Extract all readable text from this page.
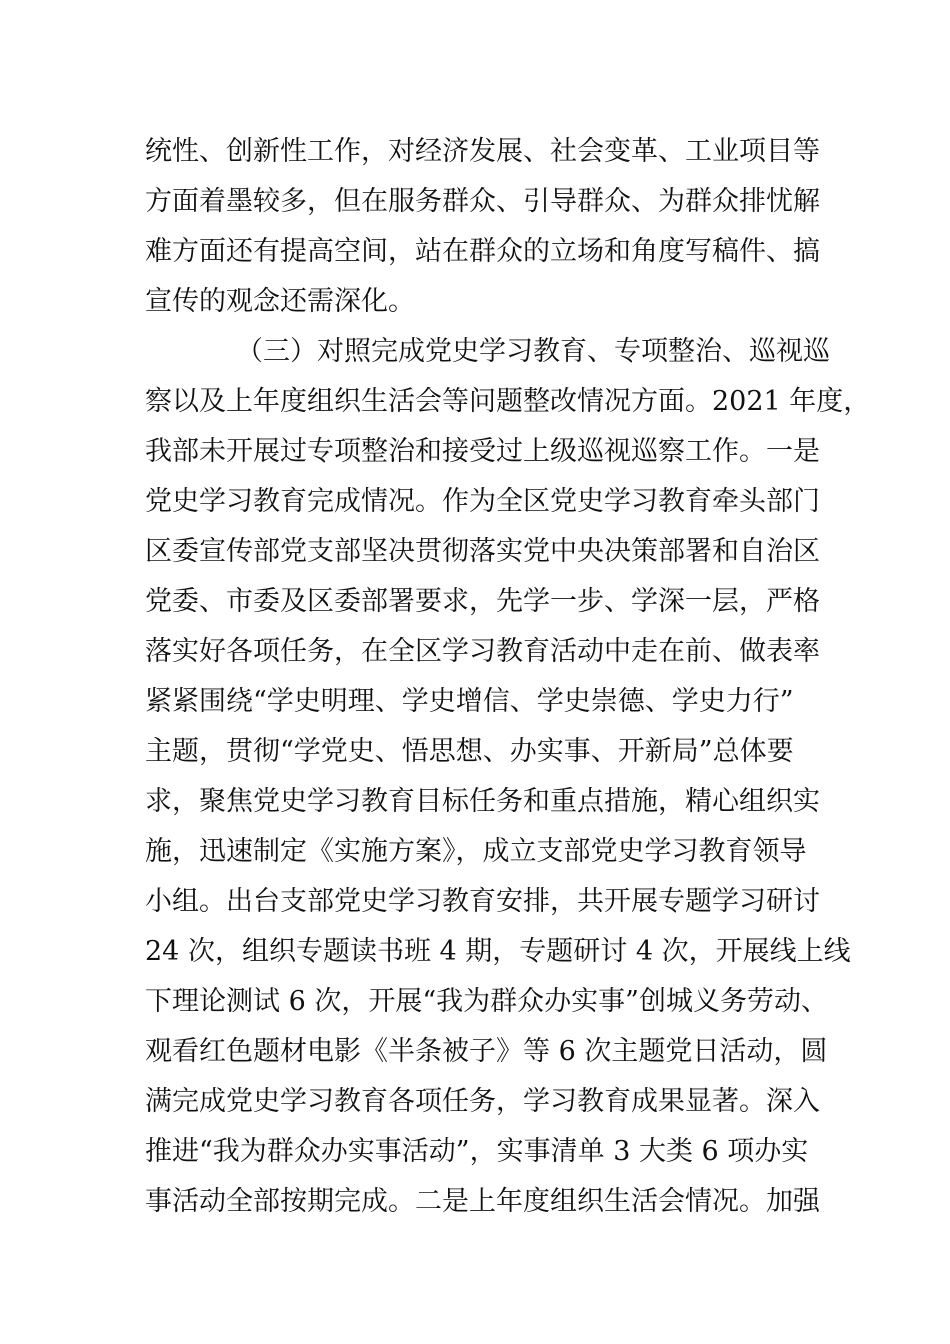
统性、创新性工作，对经济发展、社会变革、工业项目等
方面着墨较多，但在服务群众、引导群众、为群众排忧解
难方面还有提高空间，站在群众的立场和角度写稿件、搞
宣传的观念还需深化。
（三）对照完成党史学习教育、专项整治、巡视巡
察以及上年度组织生活会等问题整改情况方面。2021 年度，
我部未开展过专项整治和接受过上级巡视巡察工作。一是
党史学习教育完成情况。作为全区党史学习教育牵头部门
区委宣传部党支部坚决贯彻落实党中央决策部署和自治区
党委、市委及区委部署要求，先学一步、学深一层，严格
落实好各项任务，在全区学习教育活动中走在前、做表率
紧紧围绕“学史明理、学史增信、学史崇德、学史力行”
主题，贯彻“学党史、悟思想、办实事、开新局”总体要
求，聚焦党史学习教育目标任务和重点措施，精心组织实
施，迅速制定《实施方案》，成立支部党史学习教育领导
小组。出台支部党史学习教育安排，共开展专题学习研讨
24 次，组织专题读书班 4 期，专题研讨 4 次，开展线上线
下理论测试 6 次，开展“我为群众办实事”创城义务劳动、
观看红色题材电影《半条被子》等 6 次主题党日活动，圆
满完成党史学习教育各项任务，学习教育成果显著。深入
推进“我为群众办实事活动”，实事清单 3 大类 6 项办实
事活动全部按期完成。二是上年度组织生活会情况。加强
